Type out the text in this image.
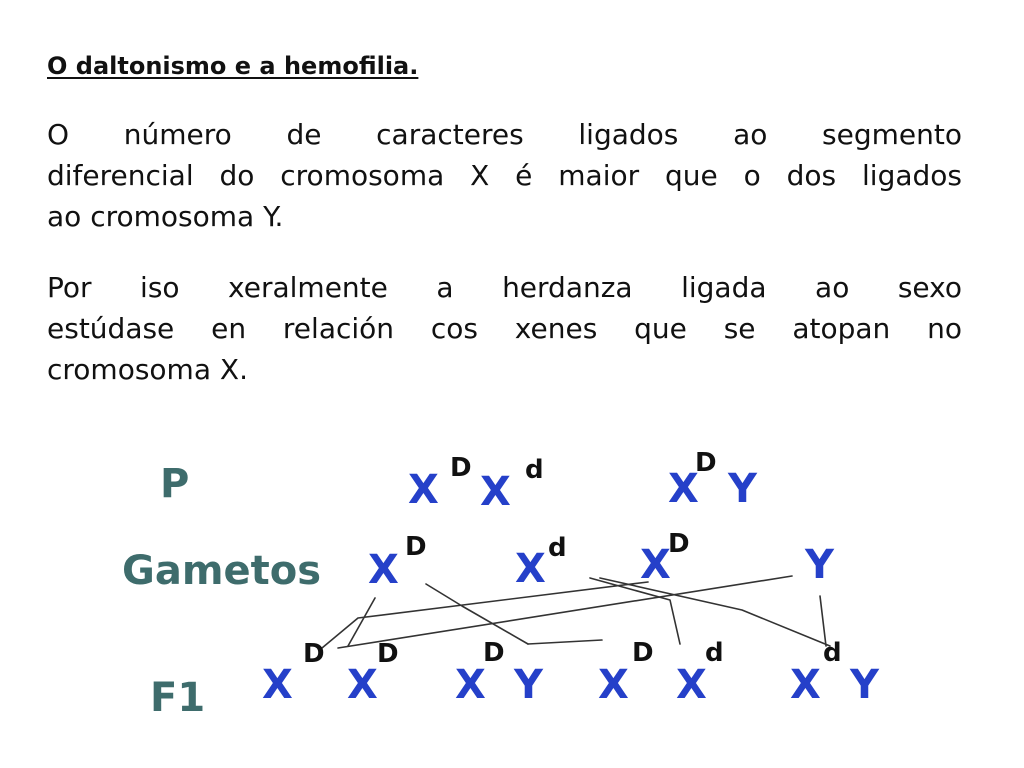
O daltonismo e a hemofilia.
O número de caracteres ligados ao segmento
diferencial do cromosoma X é maior que o dos ligados
ao cromosoma Y.
Por iso xeralmente a herdanza ligada ao sexo
estúdase en relación cos xenes que se atopan no
cromosoma X.
P
Gametos
F1
X D
X d	X
D
Y
X D X d X
D	Y
X
D
X
D
X
D
Y X
D
X
d
X
d
Y
